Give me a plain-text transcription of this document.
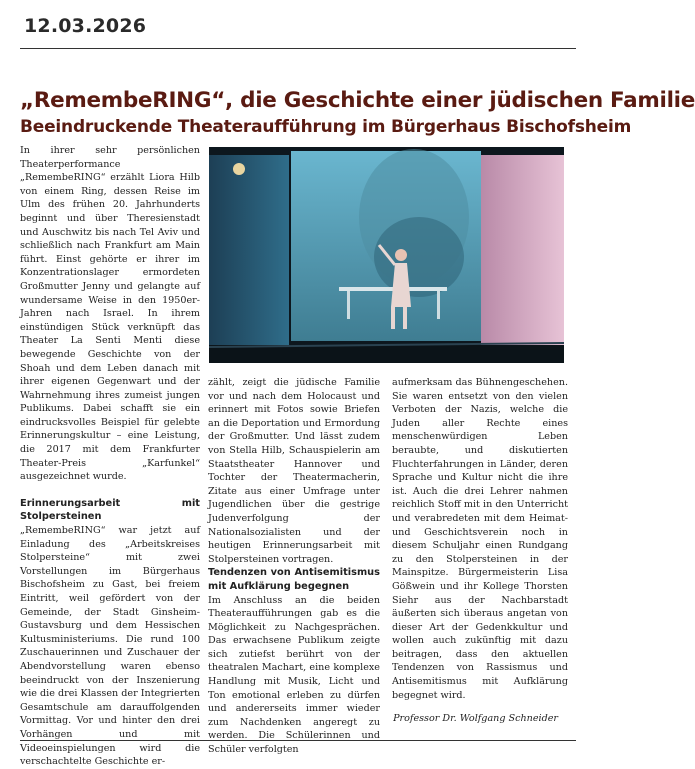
12.03.2026
„RemembeRING“, die Geschichte einer jüdischen Familie
Beeindruckende Theateraufführung im Bürgerhaus Bischofsheim

In ihrer sehr persönlichen Theaterperformance „RemembeRING“ erzählt Liora Hilb von einem Ring, dessen Reise im Ulm des frühen 20. Jahrhunderts beginnt und über Theresienstadt und Auschwitz bis nach Tel Aviv und schließlich nach Frankfurt am Main führt. Einst gehörte er ihrer im Konzentrationslager ermordeten Großmutter Jenny und gelangte auf wundersame Weise in den 1950er-Jahren nach Israel. In ihrem einstündigen Stück verknüpft das Theater La Senti Menti diese bewegende Geschichte von der Shoah und dem Leben danach mit ihrer eigenen Gegenwart und der Wahrnehmung ihres zumeist jungen Publikums. Dabei schafft sie ein eindrucksvolles Beispiel für gelebte Erinnerungskultur – eine Leistung, die 2017 mit dem Frankfurter Theater-Preis „Karfunkel“ ausgezeichnet wurde.

Erinnerungsarbeit mit Stolpersteinen

„RemembeRING“ war jetzt auf Einladung des „Arbeitskreises Stolpersteine“ mit zwei Vorstellungen im Bürgerhaus Bischofsheim zu Gast, bei freiem Eintritt, weil gefördert von der Gemeinde, der Stadt Ginsheim-Gustavsburg und dem Hessischen Kultusministeriums. Die rund 100 Zuschauerinnen und Zuschauer der Abendvorstellung waren ebenso beeindruckt von der Inszenierung wie die drei Klassen der Integrierten Gesamtschule am darauffolgenden Vormittag. Vor und hinter den drei Vorhängen und mit Videoeinspielungen wird die verschachtelte Geschichte er-

zählt, zeigt die jüdische Familie vor und nach dem Holocaust und erinnert mit Fotos sowie Briefen an die Deportation und Ermordung der Großmutter. Und lässt zudem von Stella Hilb, Schauspielerin am Staatstheater Hannover und Tochter der Theatermacherin, Zitate aus einer Umfrage unter Jugendlichen über die gestrige Judenverfolgung der Nationalsozialisten und der heutigen Erinnerungsarbeit mit Stolpersteinen vortragen.

Tendenzen von Antisemitismus mit Aufklärung begegnen

Im Anschluss an die beiden Theateraufführungen gab es die Möglichkeit zu Nachgesprächen. Das erwachsene Publikum zeigte sich zutiefst berührt von der theatralen Machart, eine komplexe Handlung mit Musik, Licht und Ton emotional erleben zu dürfen und andererseits immer wieder zum Nachdenken angeregt zu werden. Die Schülerinnen und Schüler verfolgten

aufmerksam das Bühnengeschehen. Sie waren entsetzt von den vielen Verboten der Nazis, welche die Juden aller Rechte eines menschenwürdigen Leben beraubte, und diskutierten Fluchterfahrungen in Länder, deren Sprache und Kultur nicht die ihre ist. Auch die drei Lehrer nahmen reichlich Stoff mit in den Unterricht und verabredeten mit dem Heimat- und Geschichtsverein noch in diesem Schuljahr einen Rundgang zu den Stolpersteinen in der Mainspitze. Bürgermeisterin Lisa Gößwein und ihr Kollege Thorsten Siehr aus der Nachbarstadt äußerten sich überaus angetan von dieser Art der Gedenkkultur und wollen auch zukünftig mit dazu beitragen, dass den aktuellen Tendenzen von Rassismus und Antisemitismus mit Aufklärung begegnet wird.

Professor Dr. Wolfgang Schneider
